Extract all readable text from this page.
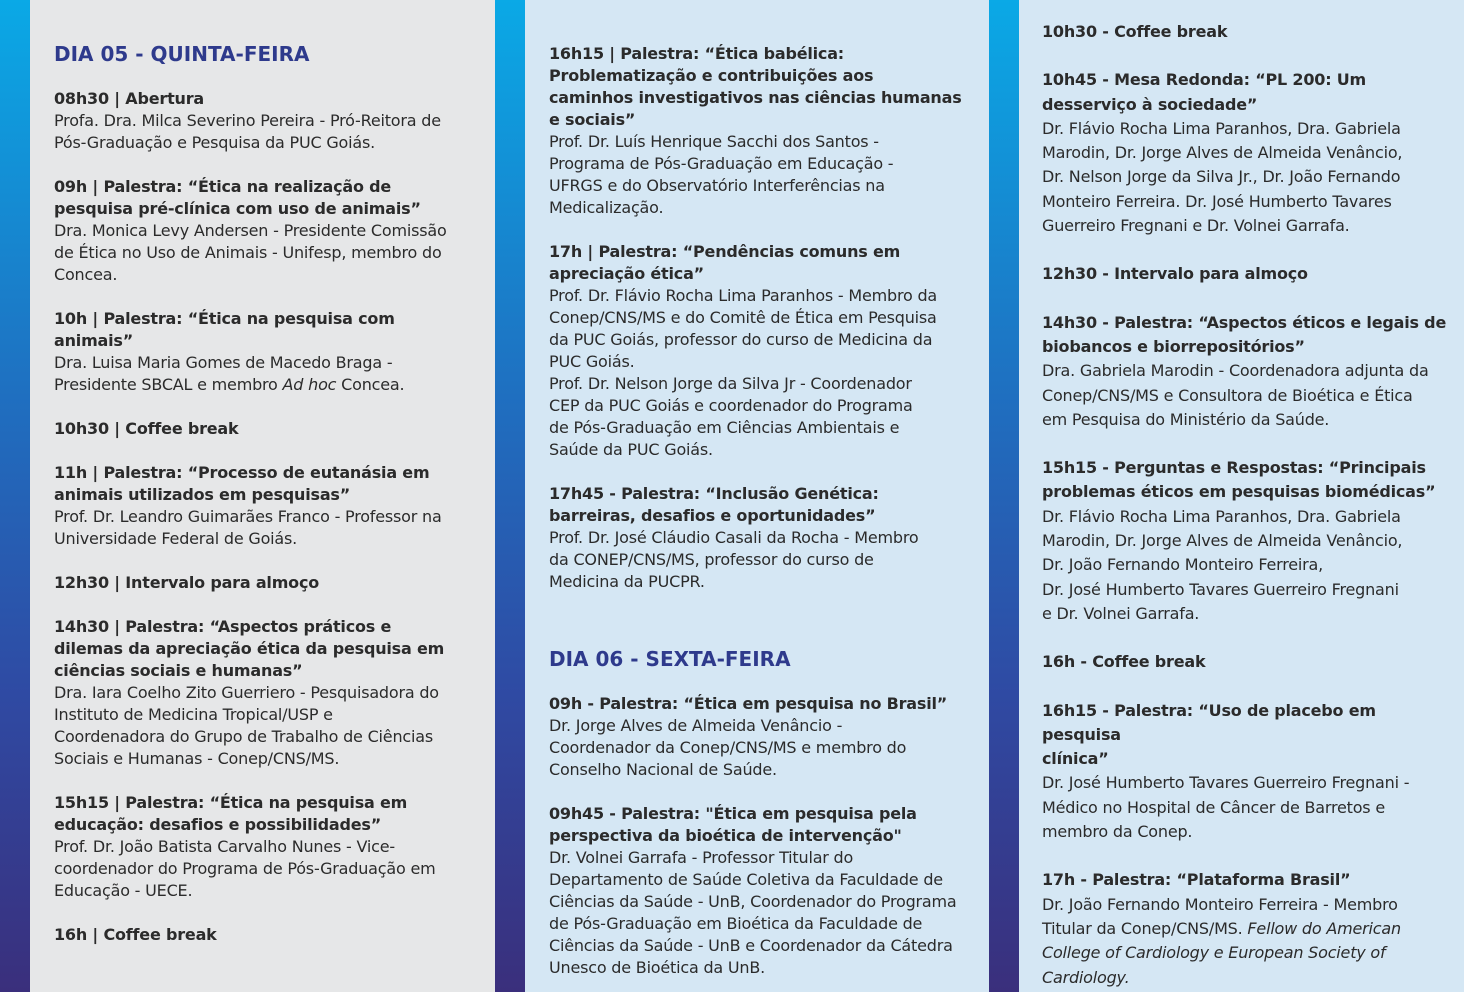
DIA 05 - QUINTA-FEIRA
08h30 | Abertura
Profa. Dra. Milca Severino Pereira - Pró-Reitora de
Pós-Graduação e Pesquisa da PUC Goiás.
09h | Palestra: “Ética na realização de
pesquisa pré-clínica com uso de animais”
Dra. Monica Levy Andersen - Presidente Comissão
de Ética no Uso de Animais - Unifesp, membro do
Concea.
10h | Palestra: “Ética na pesquisa com
animais”
Dra. Luisa Maria Gomes de Macedo Braga -
Presidente SBCAL e membro Ad hoc Concea.
10h30 | Coffee break
11h | Palestra: “Processo de eutanásia em
animais utilizados em pesquisas”
Prof. Dr. Leandro Guimarães Franco - Professor na
Universidade Federal de Goiás.
12h30 | Intervalo para almoço
14h30 | Palestra: “Aspectos práticos e
dilemas da apreciação ética da pesquisa em
ciências sociais e humanas”
Dra. Iara Coelho Zito Guerriero - Pesquisadora do
Instituto de Medicina Tropical/USP e
Coordenadora do Grupo de Trabalho de Ciências
Sociais e Humanas - Conep/CNS/MS.
15h15 | Palestra: “Ética na pesquisa em
educação: desafios e possibilidades”
Prof. Dr. João Batista Carvalho Nunes - Vice-
coordenador do Programa de Pós-Graduação em
Educação - UECE.
16h | Coffee break
16h15 | Palestra: “Ética babélica:
Problematização e contribuições aos
caminhos investigativos nas ciências humanas
e sociais”
Prof. Dr. Luís Henrique Sacchi dos Santos -
Programa de Pós-Graduação em Educação -
UFRGS e do Observatório Interferências na
Medicalização.
17h | Palestra: “Pendências comuns em
apreciação ética”
Prof. Dr. Flávio Rocha Lima Paranhos - Membro da
Conep/CNS/MS e do Comitê de Ética em Pesquisa
da PUC Goiás, professor do curso de Medicina da
PUC Goiás.
Prof. Dr. Nelson Jorge da Silva Jr - Coordenador
CEP da PUC Goiás e coordenador do Programa
de Pós-Graduação em Ciências Ambientais e
Saúde da PUC Goiás.
17h45 - Palestra: “Inclusão Genética:
barreiras, desafios e oportunidades”
Prof. Dr. José Cláudio Casali da Rocha - Membro
da CONEP/CNS/MS, professor do curso de
Medicina da PUCPR.
DIA 06 - SEXTA-FEIRA
09h - Palestra: “Ética em pesquisa no Brasil”
Dr. Jorge Alves de Almeida Venâncio -
Coordenador da Conep/CNS/MS e membro do
Conselho Nacional de Saúde.
09h45 - Palestra: "Ética em pesquisa pela
perspectiva da bioética de intervenção"
Dr. Volnei Garrafa - Professor Titular do
Departamento de Saúde Coletiva da Faculdade de
Ciências da Saúde - UnB, Coordenador do Programa
de Pós-Graduação em Bioética da Faculdade de
Ciências da Saúde - UnB e Coordenador da Cátedra
Unesco de Bioética da UnB.
10h30 - Coffee break
10h45 - Mesa Redonda: “PL 200: Um
desserviço à sociedade”
Dr. Flávio Rocha Lima Paranhos, Dra. Gabriela
Marodin, Dr. Jorge Alves de Almeida Venâncio,
Dr. Nelson Jorge da Silva Jr., Dr. João Fernando
Monteiro Ferreira. Dr. José Humberto Tavares
Guerreiro Fregnani e Dr. Volnei Garrafa.
12h30 - Intervalo para almoço
14h30 - Palestra: “Aspectos éticos e legais de
biobancos e biorrepositórios”
Dra. Gabriela Marodin - Coordenadora adjunta da
Conep/CNS/MS e Consultora de Bioética e Ética
em Pesquisa do Ministério da Saúde.
15h15 - Perguntas e Respostas: “Principais
problemas éticos em pesquisas biomédicas”
Dr. Flávio Rocha Lima Paranhos, Dra. Gabriela
Marodin, Dr. Jorge Alves de Almeida Venâncio,
Dr. João Fernando Monteiro Ferreira,
Dr. José Humberto Tavares Guerreiro Fregnani
e Dr. Volnei Garrafa.
16h - Coffee break
16h15 - Palestra: “Uso de placebo em pesquisa
clínica”
Dr. José Humberto Tavares Guerreiro Fregnani -
Médico no Hospital de Câncer de Barretos e
membro da Conep.
17h - Palestra: “Plataforma Brasil”
Dr. João Fernando Monteiro Ferreira - Membro
Titular da Conep/CNS/MS. Fellow do American
College of Cardiology e European Society of Cardiology.
